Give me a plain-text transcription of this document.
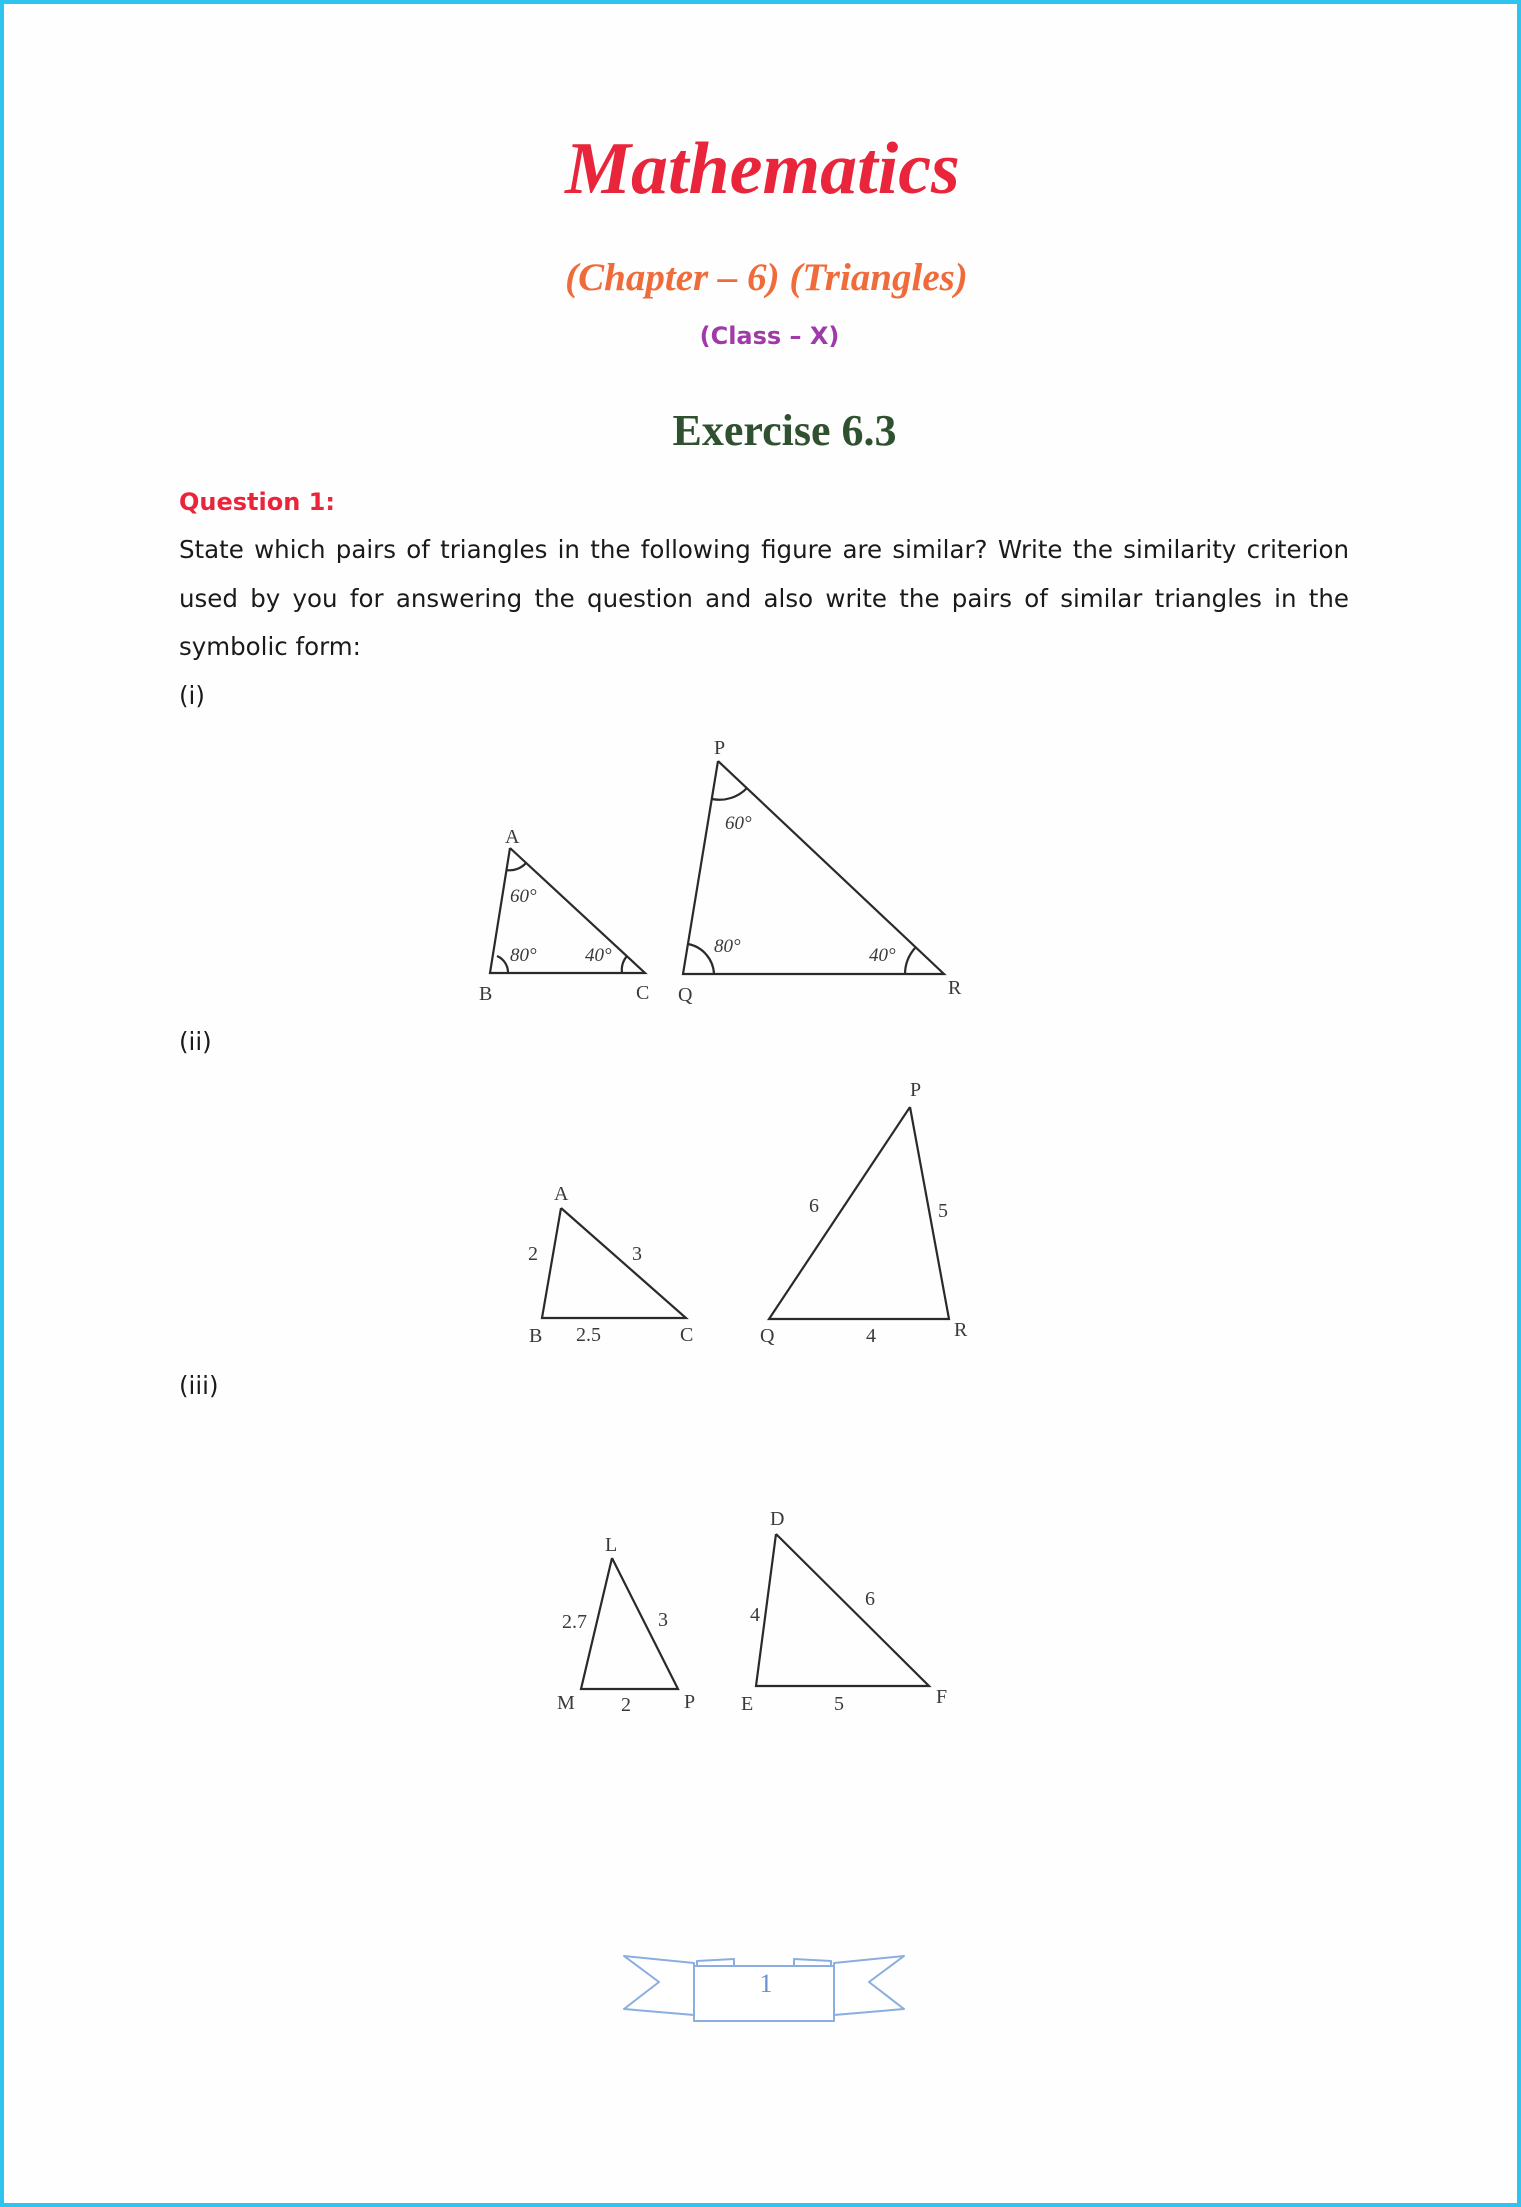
Mathematics
(Chapter – 6) (Triangles)
(Class – X)
Exercise 6.3
Question 1:

State which pairs of triangles in the following figure are similar? Write the similarity criterion used by you for answering the question and also write the pairs of similar triangles in the symbolic form:

(i)
A
B	C
60°
80°	40°
P
Q	R
60°
80°	40°
(ii)
A
B	C
2	3
2.5
P
Q	R
6	5
4
(iii)
L
M	P
2.7	3
2
D
E	F
4
6
5
1
